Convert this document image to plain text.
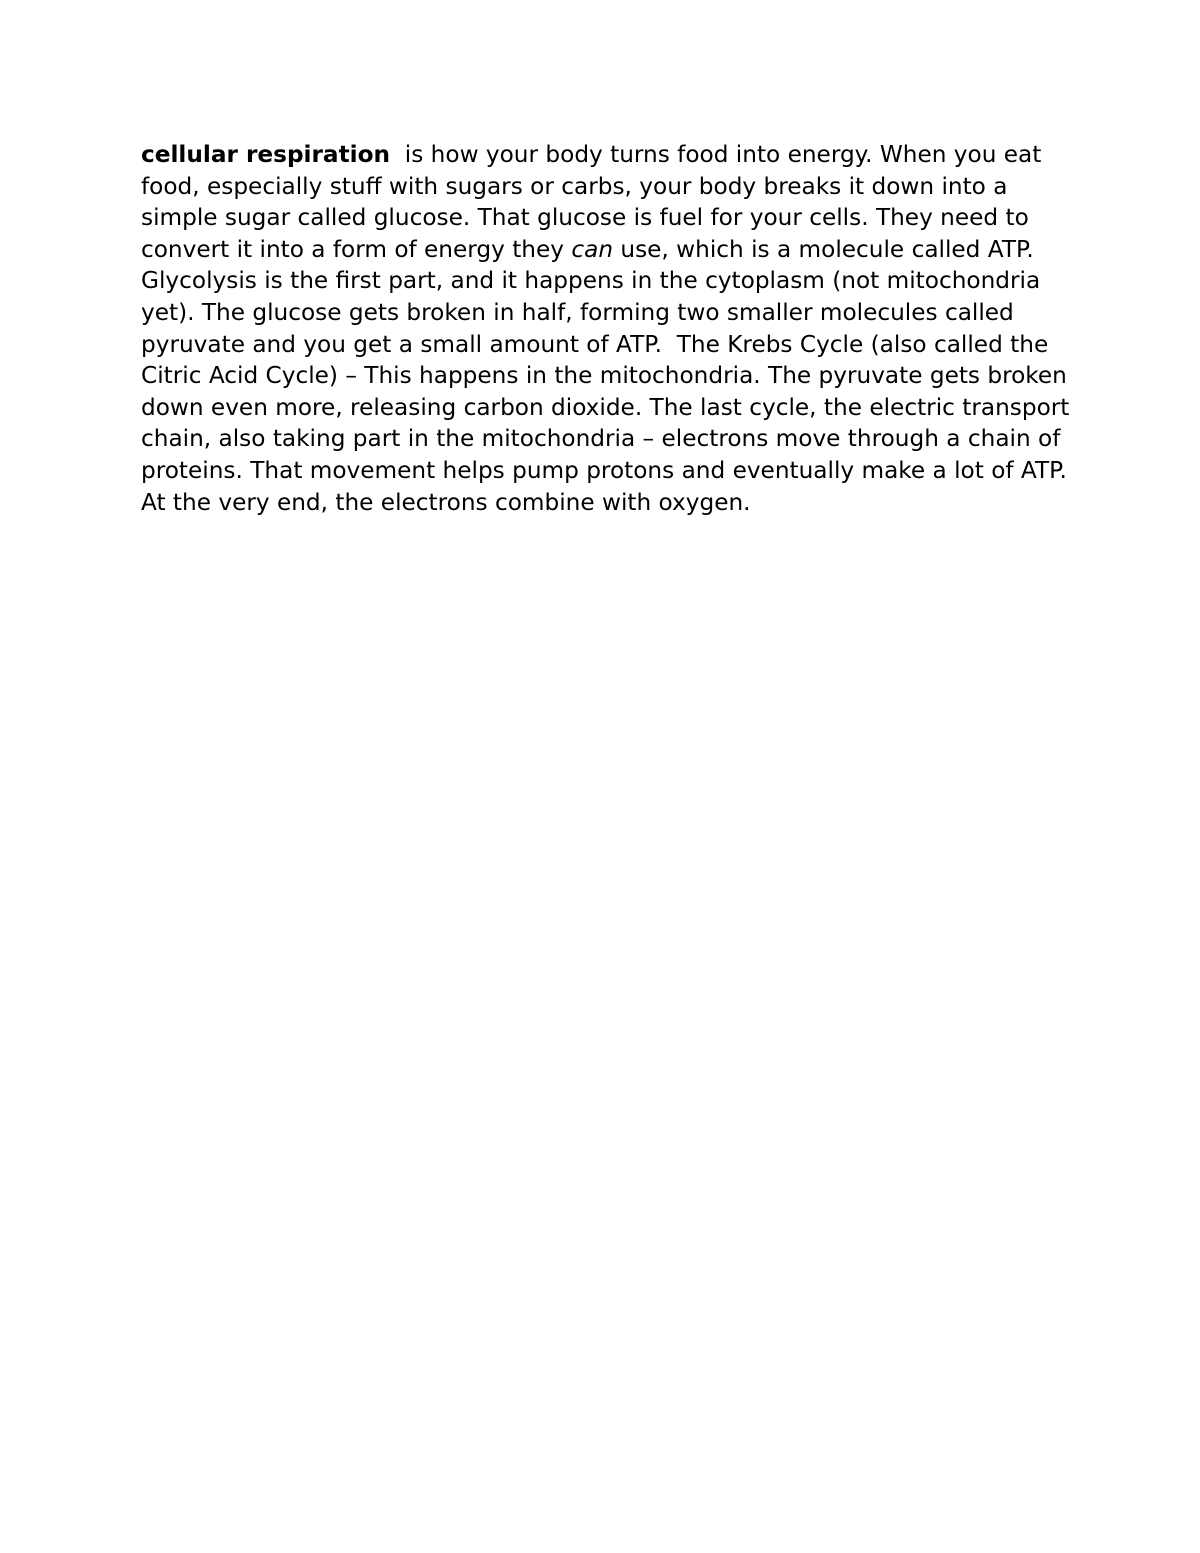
cellular respiration  is how your body turns food into energy. When you eat food, especially stuff with sugars or carbs, your body breaks it down into a simple sugar called glucose. That glucose is fuel for your cells. They need to convert it into a form of energy they can use, which is a molecule called ATP. Glycolysis is the first part, and it happens in the cytoplasm (not mitochondria yet). The glucose gets broken in half, forming two smaller molecules called pyruvate and you get a small amount of ATP.  The Krebs Cycle (also called the Citric Acid Cycle) – This happens in the mitochondria. The pyruvate gets broken down even more, releasing carbon dioxide. The last cycle, the electric transport chain, also taking part in the mitochondria – electrons move through a chain of proteins. That movement helps pump protons and eventually make a lot of ATP. At the very end, the electrons combine with oxygen.
